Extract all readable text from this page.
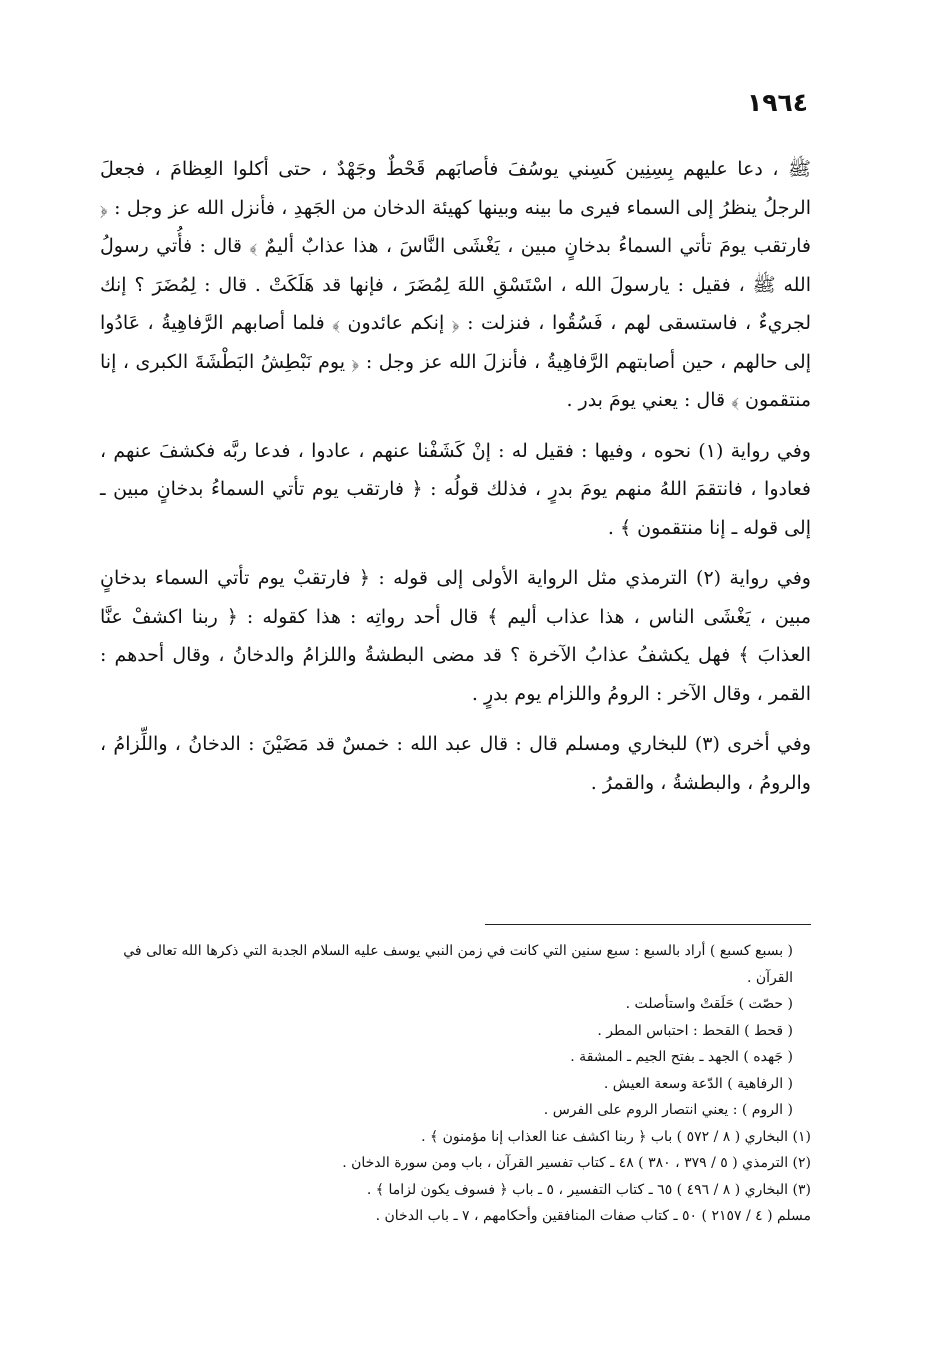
١٩٦٤

ﷺ ، دعا عليهم بِسِنِين كَسِني يوسُفَ فأصابَهم قَحْطٌ وجَهْدٌ ، حتى أكلوا العِظامَ ، فجعلَ الرجلُ ينظرُ إلى السماء فيرى ما بينه وبينها كهيئة الدخان من الجَهدِ ، فأنزل الله عز وجل : ﴿ فارتقب يومَ تأتي السماءُ بدخانٍ مبين ، يَغْشَى النَّاسَ ، هذا عذابٌ أليمٌ ﴾ قال : فأُتي رسولُ الله ﷺ ، فقيل : يارسولَ الله ، اسْتَسْقِ اللهَ لِمُضَرَ ، فإنها قد هَلَكَتْ . قال : لِمُضَرَ ؟ إنك لجريءٌ ، فاستسقى لهم ، فَسُقُوا ، فنزلت : ﴿ إنكم عائدون ﴾ فلما أصابهم الرَّفاهِيةُ ، عَادُوا إلى حالهم ، حين أصابتهم الرَّفاهِيةُ ، فأنزلَ الله عز وجل : ﴿ يوم نَبْطِشُ البَطْشَةَ الكبرى ، إنا منتقمون ﴾ قال : يعني يومَ بدر .

وفي رواية (١) نحوه ، وفيها : فقيل له : إنْ كَشَفْنا عنهم ، عادوا ، فدعا ربَّه فكشفَ عنهم ، فعادوا ، فانتقمَ اللهُ منهم يومَ بدرٍ ، فذلك قولُه : ﴿ فارتقب يوم تأتي السماءُ بدخانٍ مبين ـ إلى قوله ـ إنا منتقمون ﴾ .

وفي رواية (٢) الترمذي مثل الرواية الأولى إلى قوله : ﴿ فارتقبْ يوم تأتي السماء بدخانٍ مبين ، يَغْشَى الناس ، هذا عذاب أليم ﴾ قال أحد رواتِه : هذا كقوله : ﴿ ربنا اكشفْ عنَّا العذابَ ﴾ فهل يكشفُ عذابُ الآخرة ؟ قد مضى البطشةُ واللزامُ والدخانُ ، وقال أحدهم : القمر ، وقال الآخر : الرومُ واللزام يوم بدرٍ .

وفي أخرى (٣) للبخاري ومسلم قال : قال عبد الله : خمسٌ قد مَضَيْنَ : الدخانُ ، واللِّزامُ ، والرومُ ، والبطشةُ ، والقمرُ .

( بسبع كسبع ) أراد بالسبع : سبع سنين التي كانت في زمن النبي يوسف عليه السلام الجدبة التي ذكرها الله تعالى في القرآن .

( حصّت ) حَلَقتْ واستأصلت .

( قحط ) القحط : احتباس المطر .

( جَهده ) الجهد ـ بفتح الجيم ـ المشقة .

( الرفاهية ) الدّعة وسعة العيش .

( الروم ) : يعني انتصار الروم على الفرس .

(١) البخاري ( ٨ / ٥٧٢ ) باب ﴿ ربنا اكشف عنا العذاب إنا مؤمنون ﴾ .

(٢) الترمذي ( ٥ / ٣٧٩ ، ٣٨٠ ) ٤٨ ـ كتاب تفسير القرآن ، باب ومن سورة الدخان .

(٣) البخاري ( ٨ / ٤٩٦ ) ٦٥ ـ كتاب التفسير ، ٥ ـ باب ﴿ فسوف يكون لزاما ﴾ .

مسلم ( ٤ / ٢١٥٧ ) ٥٠ ـ كتاب صفات المنافقين وأحكامهم ، ٧ ـ باب الدخان .
